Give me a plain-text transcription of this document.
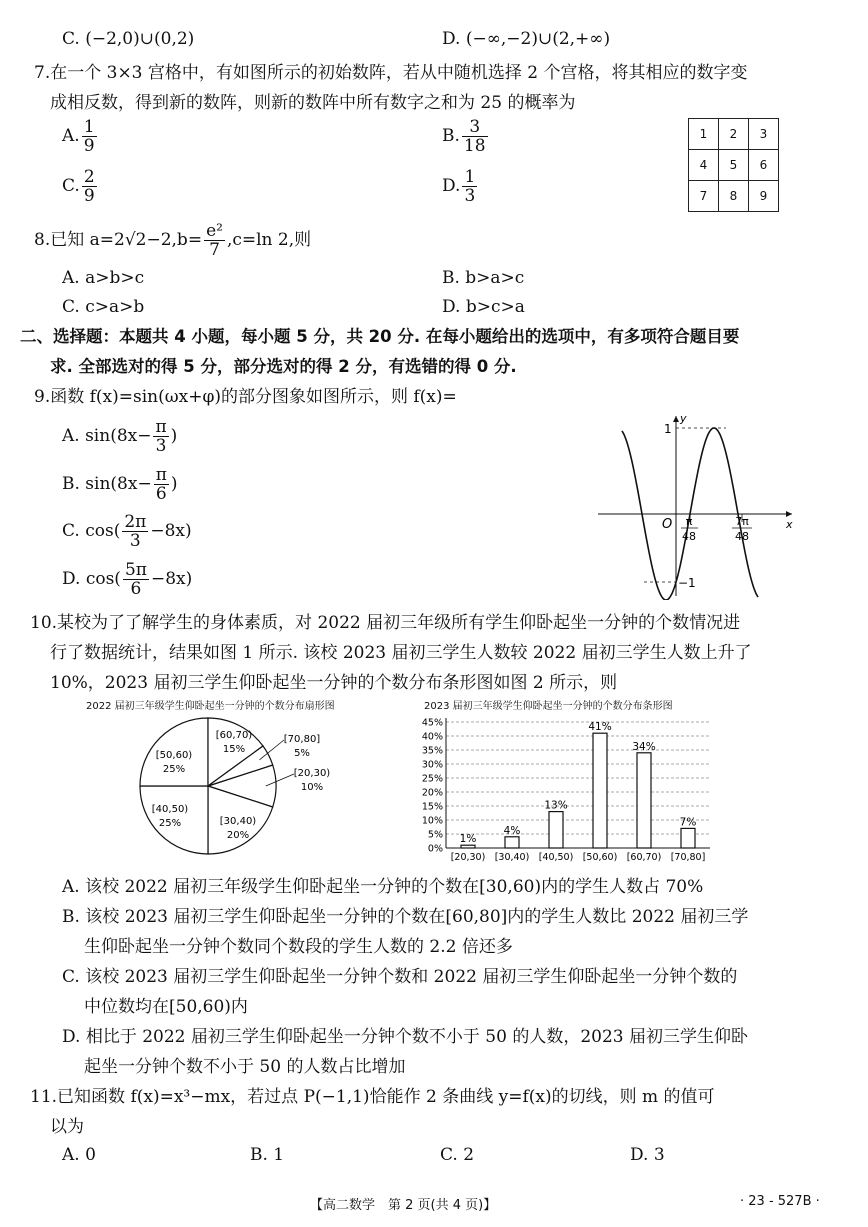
C. (−2,0)∪(0,2)	D. (−∞,−2)∪(2,+∞)
7.在一个 3×3 宫格中，有如图所示的初始数阵，若从中随机选择 2 个宫格，将其相应的数字变
成相反数，得到新的数阵，则新的数阵中所有数字之和为 25 的概率为
A. $\frac{1}{9}$	B. $\frac{3}{18}$
C. $\frac{2}{9}$	D. $\frac{1}{3}$
1	2	3
4	5	6
7	8	9
8.已知 $a=2√2-2,b= \frac{\text{e²}}{7} ,c=\ln$ 2,则
A. a>b>c	B. b>a>c
C. c>a>b	D. b>c>a
二、选择题：本题共 4 小题，每小题 5 分，共 20 分. 在每小题给出的选项中，有多项符合题目要
求. 全部选对的得 5 分，部分选对的得 2 分，有选错的得 0 分.
9.函数 f(x)=sin(ωx+φ)的部分图象如图所示，则 f(x)=
A. $\sin(8x- \frac{\pi}{3}$ )
B. $\sin(8x- \frac{\pi}{6}$ )
C. $\cos( \frac{2\pi}{3} -8x)$
D. $\cos( \frac{5\pi}{6} -8x)$
y
x
O
1
−1
π
48
7π
48
10.某校为了了解学生的身体素质，对 2022 届初三年级所有学生仰卧起坐一分钟的个数情况进
行了数据统计，结果如图 1 所示. 该校 2023 届初三学生人数较 2022 届初三学生人数上升了
10%，2023 届初三学生仰卧起坐一分钟的个数分布条形图如图 2 所示，则
2022 届初三年级学生仰卧起坐一分钟的个数分布扇形图	2023 届初三年级学生仰卧起坐一分钟的个数分布条形图
[20,30)
10%
[30,40)
20%
[40,50)
25%
[50,60)
25%
[60,70)
15%
[70,80]
5%
0%
5%
10%
15%
20%
25%
30%
35%
40%
45%
1%
[20,30)
4%
[30,40)
13%
[40,50)
41%
[50,60)
34%
[60,70)
7%
[70,80]
A. 该校 2022 届初三年级学生仰卧起坐一分钟的个数在[30,60)内的学生人数占 70%
B. 该校 2023 届初三学生仰卧起坐一分钟的个数在[60,80]内的学生人数比 2022 届初三学
生仰卧起坐一分钟个数同个数段的学生人数的 2.2 倍还多
C. 该校 2023 届初三学生仰卧起坐一分钟个数和 2022 届初三学生仰卧起坐一分钟个数的
中位数均在[50,60)内
D. 相比于 2022 届初三学生仰卧起坐一分钟个数不小于 50 的人数，2023 届初三学生仰卧
起坐一分钟个数不小于 50 的人数占比增加
11.已知函数 f(x)=x³−mx，若过点 P(−1,1)恰能作 2 条曲线 y=f(x)的切线，则 m 的值可
以为
A. 0	B. 1	C. 2	D. 3
【高二数学　第 2 页(共 4 页)】	· 23 - 527B ·
